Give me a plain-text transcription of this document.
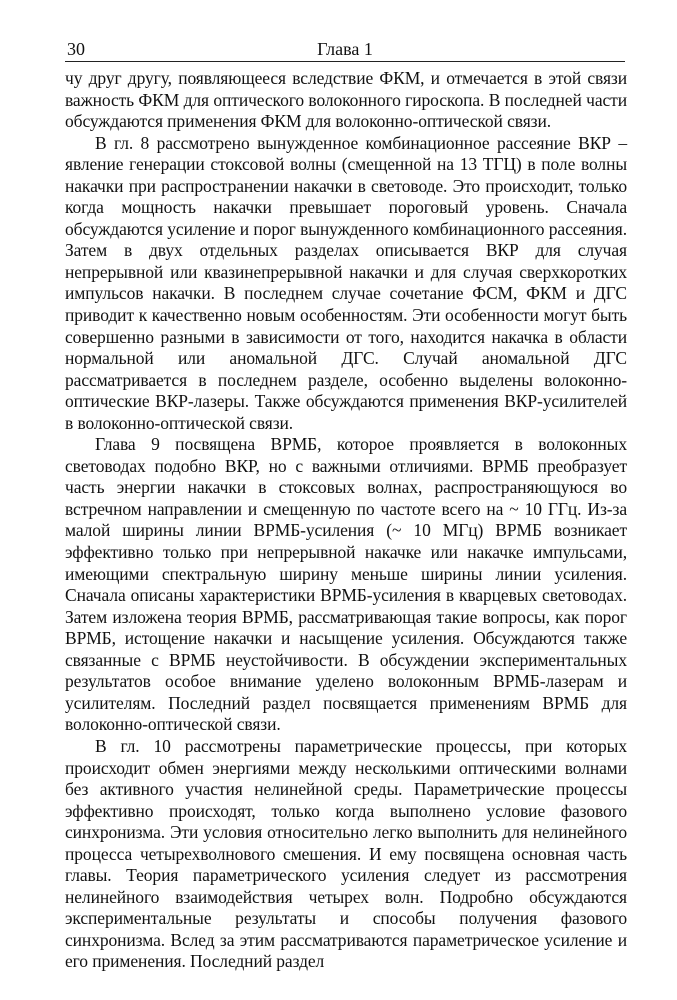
30	Глава 1

чу друг другу, появляющееся вследствие ФКМ, и отмечается в этой связи важность ФКМ для оптического волоконного гироскопа. В последней части обсуждаются применения ФКМ для волоконно-оптической связи.

В гл. 8 рассмотрено вынужденное комбинационное рассеяние ВКР – явление генерации стоксовой волны (смещенной на 13 ТГЦ) в поле волны накачки при распространении накачки в световоде. Это происходит, только когда мощность накачки превышает пороговый уровень. Сначала обсуждаются усиление и порог вынужденного комбинационного рассеяния. Затем в двух отдельных разделах описывается ВКР для случая непрерывной или квазинепрерывной накачки и для случая сверхкоротких импульсов накачки. В последнем случае сочетание ФСМ, ФКМ и ДГС приводит к качественно новым особенностям. Эти особенности могут быть совершенно разными в зависимости от того, находится накачка в области нормальной или аномальной ДГС. Случай аномальной ДГС рассматривается в последнем разделе, особенно выделены волоконно-оптические ВКР-лазеры. Также обсуждаются применения ВКР-усилителей в волоконно-оптической связи.

Глава 9 посвящена ВРМБ, которое проявляется в волоконных световодах подобно ВКР, но с важными отличиями. ВРМБ преобразует часть энергии накачки в стоксовых волнах, распространяющуюся во встречном направлении и смещенную по частоте всего на ~ 10 ГГц. Из-за малой ширины линии ВРМБ-усиления (~ 10 МГц) ВРМБ возникает эффективно только при непрерывной накачке или накачке импульсами, имеющими спектральную ширину меньше ширины линии усиления. Сначала описаны характеристики ВРМБ-усиления в кварцевых световодах. Затем изложена теория ВРМБ, рассматривающая такие вопросы, как порог ВРМБ, истощение накачки и насыщение усиления. Обсуждаются также связанные с ВРМБ неустойчивости. В обсуждении экспериментальных результатов особое внимание уделено волоконным ВРМБ-лазерам и усилителям. Последний раздел посвящается применениям ВРМБ для волоконно-оптической связи.

В гл. 10 рассмотрены параметрические процессы, при которых происходит обмен энергиями между несколькими оптическими волнами без активного участия нелинейной среды. Параметрические процессы эффективно происходят, только когда выполнено условие фазового синхронизма. Эти условия относительно легко выполнить для нелинейного процесса четырехволнового смешения. И ему посвящена основная часть главы. Теория параметрического усиления следует из рассмотрения нелинейного взаимодействия четырех волн. Подробно обсуждаются экспериментальные результаты и способы получения фазового синхронизма. Вслед за этим рассматриваются параметрическое усиление и его применения. Последний раздел
